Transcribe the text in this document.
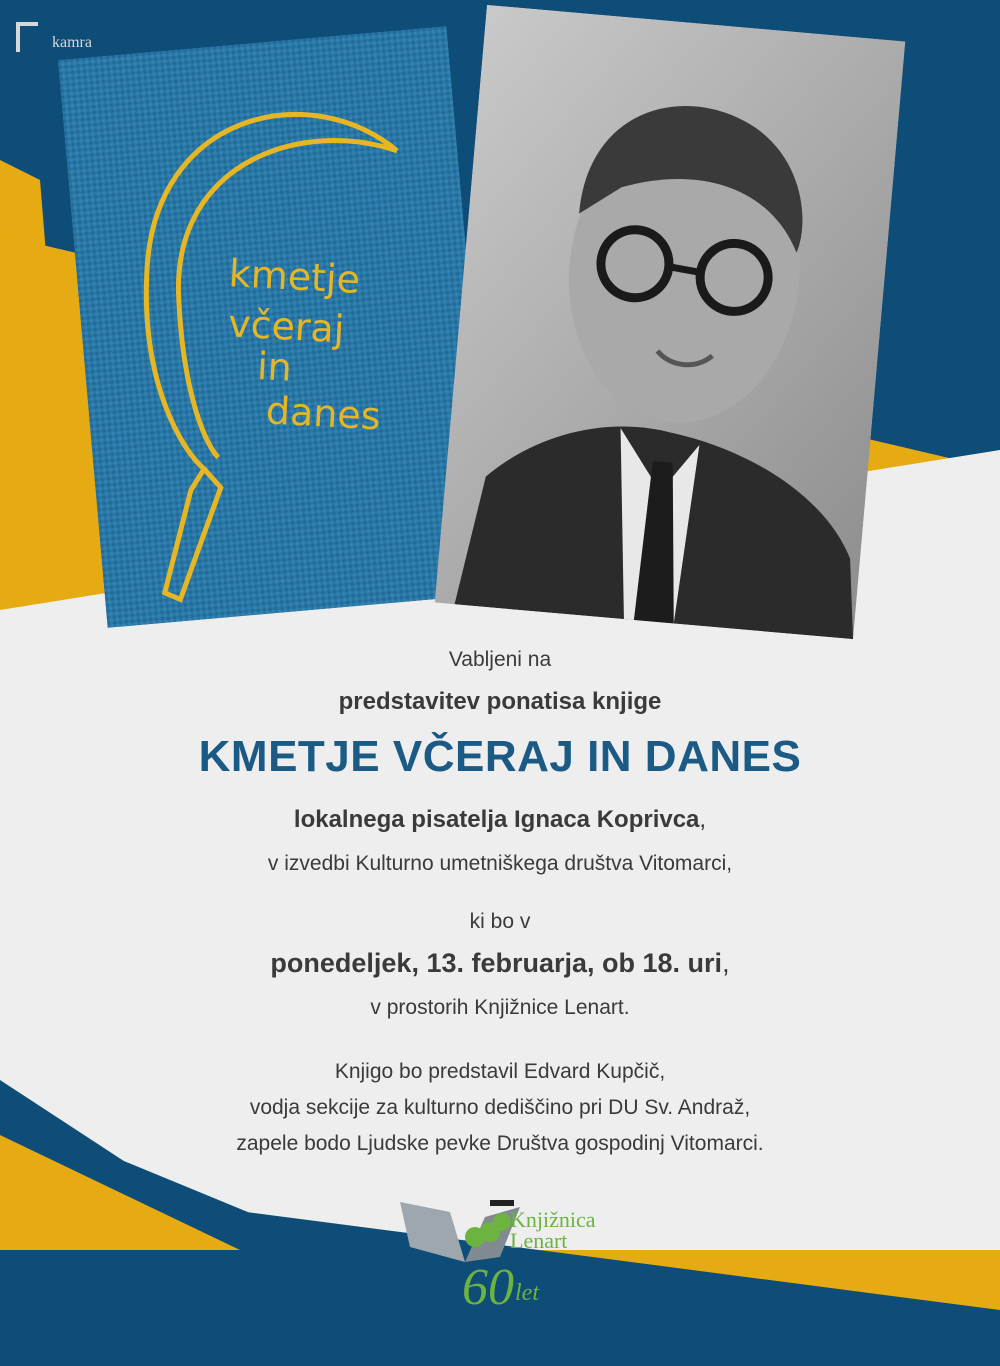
kamra
kmetje
včeraj
in
danes
Vabljeni na
predstavitev ponatisa knjige
KMETJE VČERAJ IN DANES
lokalnega pisatelja Ignaca Koprivca,
v izvedbi Kulturno umetniškega društva Vitomarci,
ki bo v
ponedeljek, 13. februarja, ob 18. uri,
v prostorih Knjižnice Lenart.
Knjigo bo predstavil Edvard Kupčič,
vodja sekcije za kulturno dediščino pri DU Sv. Andraž,
zapele bodo Ljudske pevke Društva gospodinj Vitomarci.
Knjižnica
Lenart
60 let
